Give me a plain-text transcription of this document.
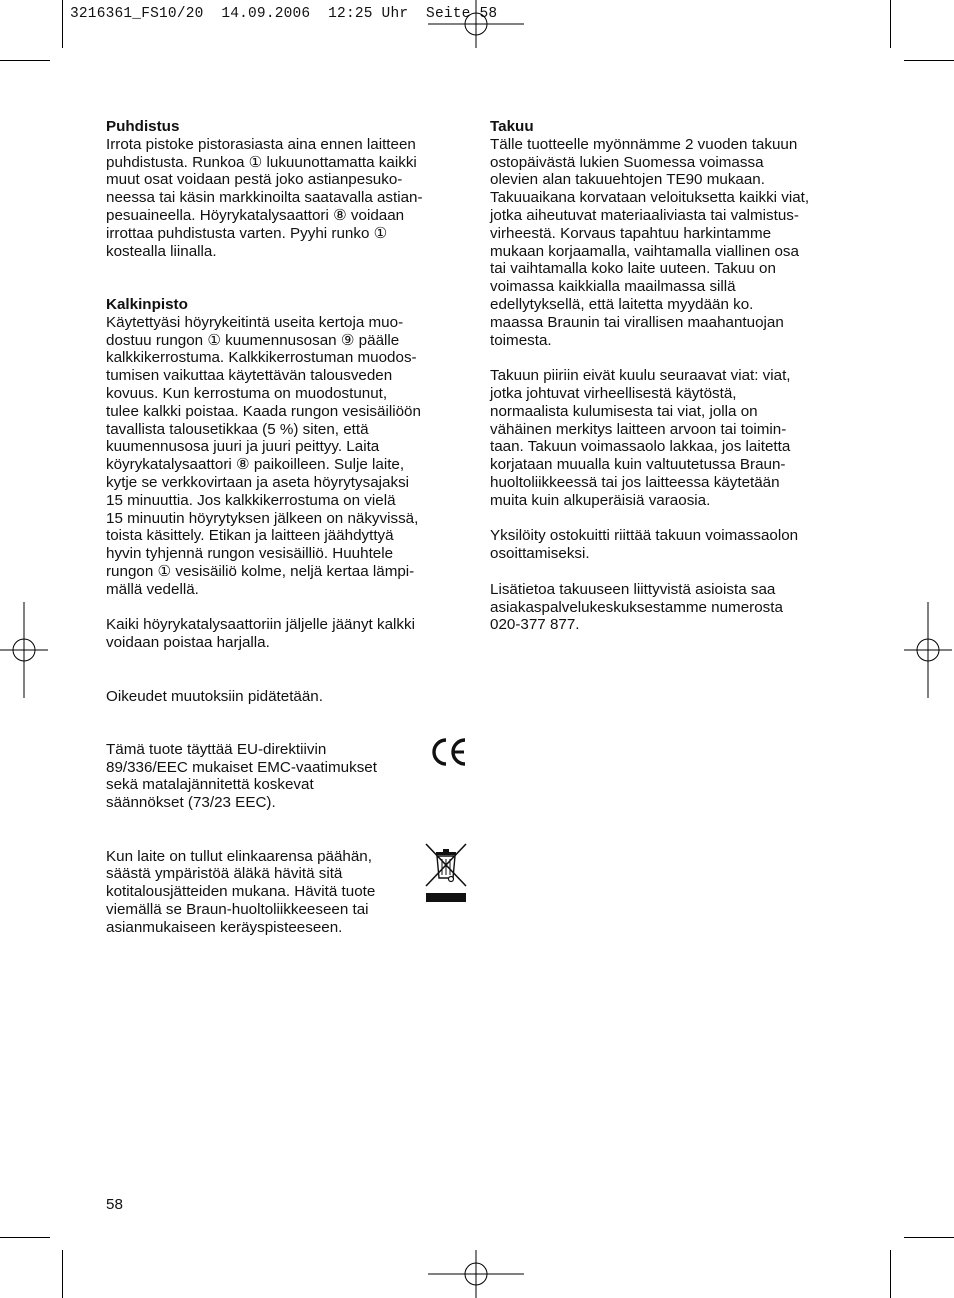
3216361_FS10/20  14.09.2006  12:25 Uhr  Seite 58

Puhdistus

Irrota pistoke pistorasiasta aina ennen laitteen

puhdistusta. Runkoa ① lukuunottamatta kaikki

muut osat voidaan pestä joko astianpesuko-

neessa tai käsin markkinoilta saatavalla astian-

pesuaineella. Höyrykatalysaattori ⑧ voidaan

irrottaa puhdistusta varten. Pyyhi runko ①

kostealla liinalla.

Kalkinpisto

Käytettyäsi höyrykeitintä useita kertoja muo-

dostuu rungon ① kuumennusosan ⑨ päälle

kalkkikerrostuma. Kalkkikerrostuman muodos-

tumisen vaikuttaa käytettävän talousveden

kovuus. Kun kerrostuma on muodostunut,

tulee kalkki poistaa. Kaada rungon vesisäiliöön

tavallista talousetikkaa (5 %) siten, että

kuumennusosa juuri ja juuri peittyy. Laita

köyrykatalysaattori ⑧ paikoilleen. Sulje laite,

kytje se verkkovirtaan ja aseta höyrytysajaksi

15 minuuttia. Jos kalkkikerrostuma on vielä

15 minuutin höyrytyksen jälkeen on näkyvissä,

toista käsittely. Etikan ja laitteen jäähdyttyä

hyvin tyhjennä rungon vesisäilliö. Huuhtele

rungon ① vesisäiliö kolme, neljä kertaa lämpi-

mällä vedellä.

Kaiki höyrykatalysaattoriin jäljelle jäänyt kalkki

voidaan poistaa harjalla.

Oikeudet muutoksiin pidätetään.

Tämä tuote täyttää EU-direktiivin

89/336/EEC mukaiset EMC-vaatimukset

sekä matalajännitettä koskevat

säännökset (73/23 EEC).

Kun laite on tullut elinkaarensa päähän,

säästä ympäristöä äläkä hävitä sitä

kotitalousjätteiden mukana. Hävitä tuote

viemällä se Braun-huoltoliikkeeseen tai

asianmukaiseen keräyspisteeseen.

Takuu

Tälle tuotteelle myönnämme 2 vuoden takuun

ostopäivästä lukien Suomessa voimassa

olevien alan takuuehtojen TE90 mukaan.

Takuuaikana korvataan veloituksetta kaikki viat,

jotka aiheutuvat materiaaliviasta tai valmistus-

virheestä. Korvaus tapahtuu harkintamme

mukaan korjaamalla, vaihtamalla viallinen osa

tai vaihtamalla koko laite uuteen. Takuu on

voimassa kaikkialla maailmassa sillä

edellytyksellä, että laitetta myydään ko.

maassa Braunin tai virallisen maahantuojan

toimesta.

Takuun piiriin eivät kuulu seuraavat viat: viat,

jotka johtuvat virheellisestä käytöstä,

normaalista kulumisesta tai viat, jolla on

vähäinen merkitys laitteen arvoon tai toimin-

taan. Takuun voimassaolo lakkaa, jos laitetta

korjataan muualla kuin valtuutetussa Braun-

huoltoliikkeessä tai jos laitteessa käytetään

muita kuin alkuperäisiä varaosia.

Yksilöity ostokuitti riittää takuun voimassaolon

osoittamiseksi.

Lisätietoa takuuseen liittyvistä asioista saa

asiakaspalvelukeskuksestamme numerosta

020-377 877.

58
